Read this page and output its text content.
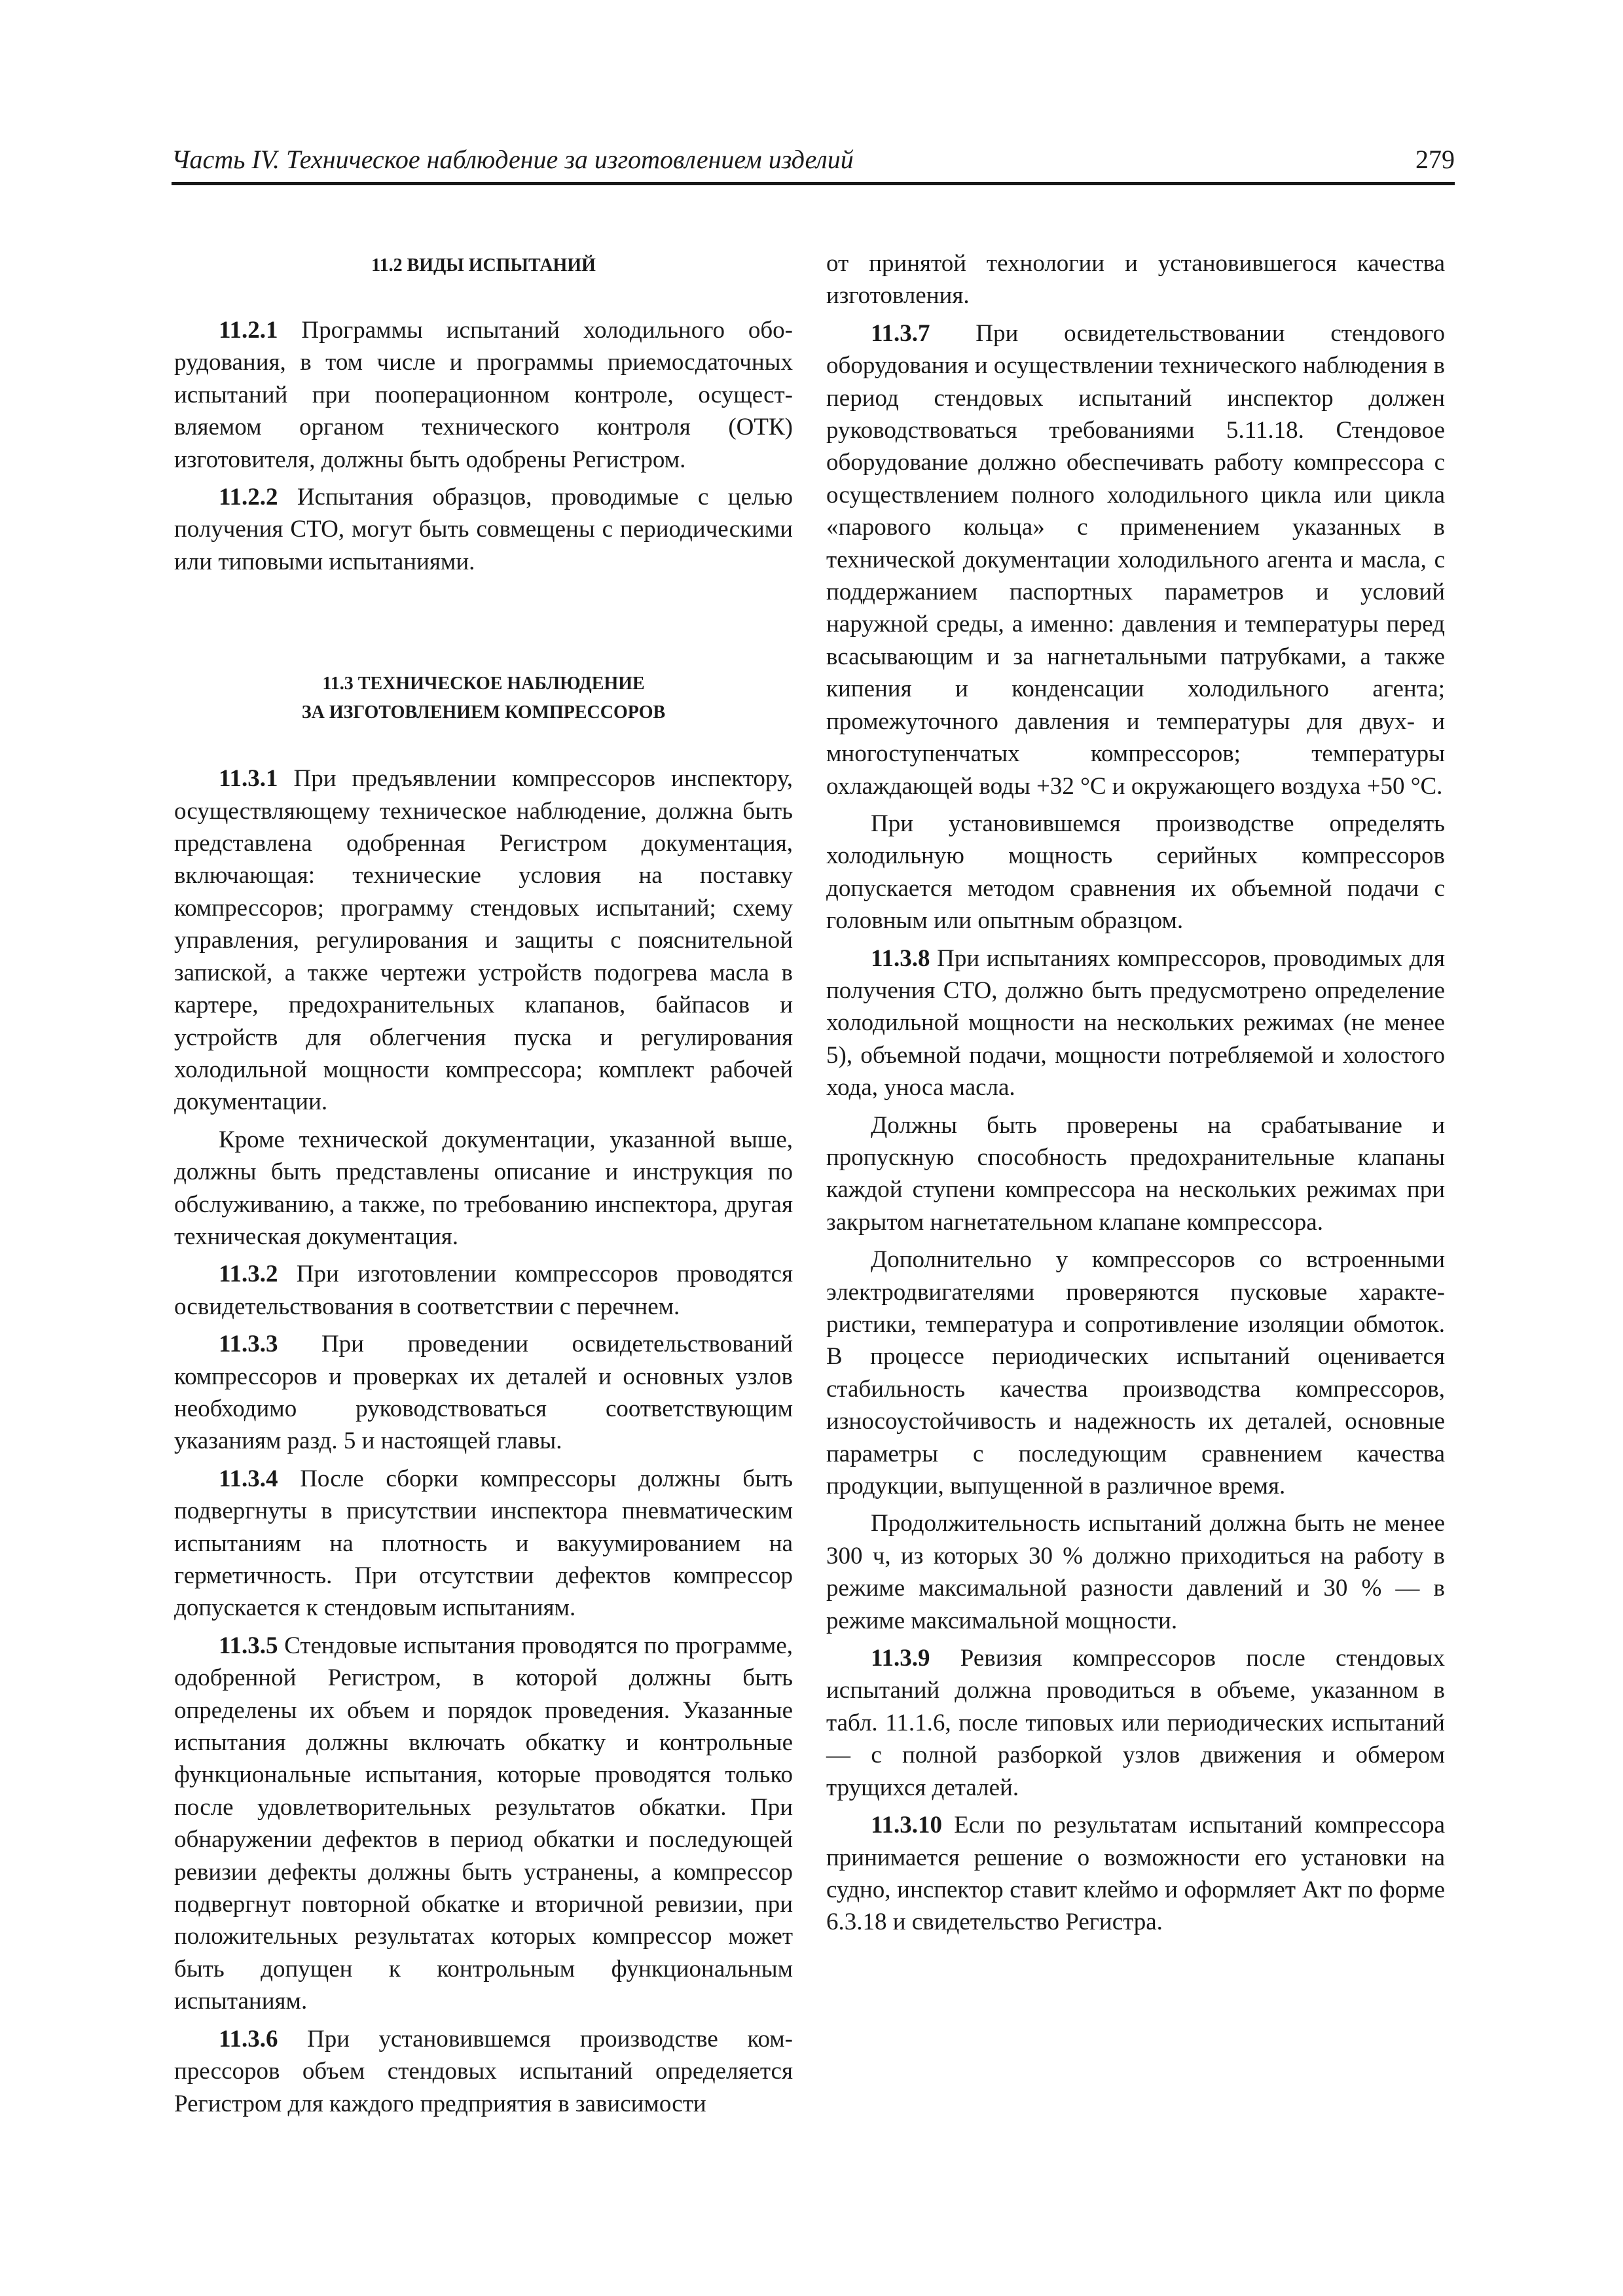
Часть IV. Техническое наблюдение за изготовлением изделий	279
11.2 ВИДЫ ИСПЫТАНИЙ

11.2.1 Программы испытаний холодильного оборудования, в том числе и программы приемосдаточных испытаний при пооперационном контроле, осуществляемом органом технического контроля (ОТК) изготовителя, должны быть одобрены Регистром.

11.2.2 Испытания образцов, проводимые с целью получения СТО, могут быть совмещены с периодическими или типовыми испытаниями.

11.3 ТЕХНИЧЕСКОЕ НАБЛЮДЕНИЕ
ЗА ИЗГОТОВЛЕНИЕМ КОМПРЕССОРОВ

11.3.1 При предъявлении компрессоров инспектору, осуществляющему техническое наблюдение, должна быть представлена одобренная Регистром документация, включающая: технические условия на поставку компрессоров; программу стендовых испытаний; схему управления, регулирования и защиты с пояснительной запиской, а также чертежи устройств подогрева масла в картере, предохранительных клапанов, байпасов и устройств для облегчения пуска и регулирования холодильной мощности компрессора; комплект рабочей документации.

Кроме технической документации, указанной выше, должны быть представлены описание и инструкция по обслуживанию, а также, по требованию инспектора, другая техническая документация.

11.3.2 При изготовлении компрессоров проводятся освидетельствования в соответствии с перечнем.

11.3.3 При проведении освидетельствований компрессоров и проверках их деталей и основных узлов необходимо руководствоваться соответствующим указаниям разд. 5 и настоящей главы.

11.3.4 После сборки компрессоры должны быть подвергнуты в присутствии инспектора пневматическим испытаниям на плотность и вакуумированием на герметичность. При отсутствии дефектов компрессор допускается к стендовым испытаниям.

11.3.5 Стендовые испытания проводятся по программе, одобренной Регистром, в которой должны быть определены их объем и порядок проведения. Указанные испытания должны включать обкатку и контрольные функциональные испытания, которые проводятся только после удовлетворительных результатов обкатки. При обнаружении дефектов в период обкатки и последующей ревизии дефекты должны быть устранены, а компрессор подвергнут повторной обкатке и вторичной ревизии, при положительных результатах которых компрессор может быть допущен к контрольным функциональным испытаниям.

11.3.6 При установившемся производстве компрессоров объем стендовых испытаний определяется Регистром для каждого предприятия в зависимости

от принятой технологии и установившегося качества изготовления.

11.3.7 При освидетельствовании стендового оборудования и осуществлении технического наблюдения в период стендовых испытаний инспектор должен руководствоваться требованиями 5.11.18. Стендовое оборудование должно обеспечивать работу компрессора с осуществлением полного холодильного цикла или цикла «парового кольца» с применением указанных в технической документации холодильного агента и масла, с поддержанием паспортных параметров и условий наружной среды, а именно: давления и температуры перед всасывающим и за нагнетальными патрубками, а также кипения и конденсации холодильного агента; промежуточного давления и температуры для двух- и многоступенчатых компрессоров; температуры охлаждающей воды +32 °С и окружающего воздуха +50 °С.

При установившемся производстве определять холодильную мощность серийных компрессоров допускается методом сравнения их объемной подачи с головным или опытным образцом.

11.3.8 При испытаниях компрессоров, проводимых для получения СТО, должно быть предусмотрено определение холодильной мощности на нескольких режимах (не менее 5), объемной подачи, мощности потребляемой и холостого хода, уноса масла.

Должны быть проверены на срабатывание и пропускную способность предохранительные клапаны каждой ступени компрессора на нескольких режимах при закрытом нагнетательном клапане компрессора.

Дополнительно у компрессоров со встроенными электродвигателями проверяются пусковые характеристики, температура и сопротивление изоляции обмоток. В процессе периодических испытаний оценивается стабильность качества производства компрессоров, износоустойчивость и надежность их деталей, основные параметры с последующим сравнением качества продукции, выпущенной в различное время.

Продолжительность испытаний должна быть не менее 300 ч, из которых 30 % должно приходиться на работу в режиме максимальной разности давлений и 30 % — в режиме максимальной мощности.

11.3.9 Ревизия компрессоров после стендовых испытаний должна проводиться в объеме, указанном в табл. 11.1.6, после типовых или периодических испытаний — с полной разборкой узлов движения и обмером трущихся деталей.

11.3.10 Если по результатам испытаний компрессора принимается решение о возможности его установки на судно, инспектор ставит клеймо и оформляет Акт по форме 6.3.18 и свидетельство Регистра.
